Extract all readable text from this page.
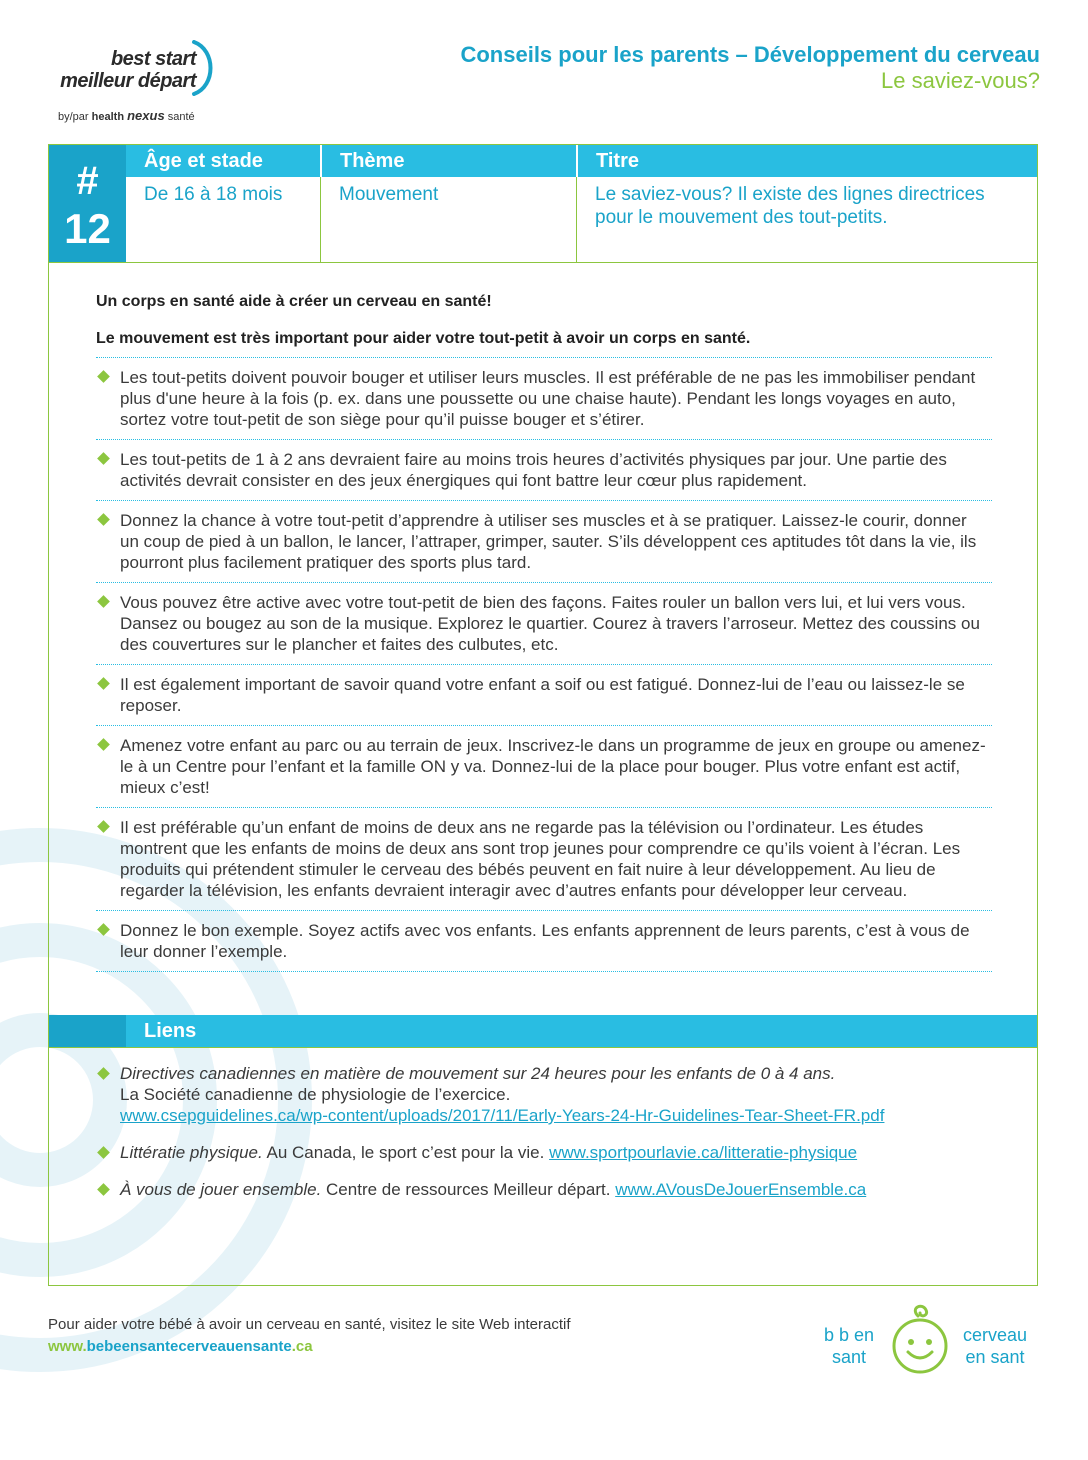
best start
meilleur départ
by/par health nexus santé
Conseils pour les parents – Développement du cerveau
Le saviez-vous?
#
12
Âge et stade	Thème	Titre
De 16 à 18 mois	Mouvement	Le saviez-vous? Il existe des lignes directrices pour le mouvement des tout-petits.
Un corps en santé aide à créer un cerveau en santé!
Le mouvement est très important pour aider votre tout-petit à avoir un corps en santé.
Les tout-petits doivent pouvoir bouger et utiliser leurs muscles. Il est préférable de ne pas les immobiliser pendant plus d'une heure à la fois (p. ex. dans une poussette ou une chaise haute). Pendant les longs voyages en auto, sortez votre tout-petit de son siège pour qu’il puisse bouger et s’étirer.
Les tout-petits de 1 à 2 ans devraient faire au moins trois heures d’activités physiques par jour. Une partie des activités devrait consister en des jeux énergiques qui font battre leur cœur plus rapidement.
Donnez la chance à votre tout-petit d’apprendre à utiliser ses muscles et à se pratiquer. Laissez-le courir, donner un coup de pied à un ballon, le lancer, l’attraper, grimper, sauter. S’ils développent ces aptitudes tôt dans la vie, ils pourront plus facilement pratiquer des sports plus tard.
Vous pouvez être active avec votre tout-petit de bien des façons. Faites rouler un ballon vers lui, et lui vers vous. Dansez ou bougez au son de la musique. Explorez le quartier. Courez à travers l’arroseur. Mettez des coussins ou des couvertures sur le plancher et faites des culbutes, etc.
Il est également important de savoir quand votre enfant a soif ou est fatigué. Donnez-lui de l’eau ou laissez-le se reposer.
Amenez votre enfant au parc ou au terrain de jeux. Inscrivez-le dans un programme de jeux en groupe ou amenez-le à un Centre pour l’enfant et la famille ON y va. Donnez-lui de la place pour bouger. Plus votre enfant est actif, mieux c’est!
Il est préférable qu’un enfant de moins de deux ans ne regarde pas la télévision ou l’ordinateur. Les études montrent que les enfants de moins de deux ans sont trop jeunes pour comprendre ce qu’ils voient à l’écran. Les produits qui prétendent stimuler le cerveau des bébés peuvent en fait nuire à leur développement. Au lieu de regarder la télévision, les enfants devraient interagir avec d’autres enfants pour développer leur cerveau.
Donnez le bon exemple. Soyez actifs avec vos enfants. Les enfants apprennent de leurs parents, c’est à vous de leur donner l’exemple.
Liens
Directives canadiennes en matière de mouvement sur 24 heures pour les enfants de 0 à 4 ans.
La Société canadienne de physiologie de l’exercice.
www.csepguidelines.ca/wp-content/uploads/2017/11/Early-Years-24-Hr-Guidelines-Tear-Sheet-FR.pdf
Littératie physique. Au Canada, le sport c’est pour la vie. www.sportpourlavie.ca/litteratie-physique
À vous de jouer ensemble. Centre de ressources Meilleur départ. www.AVousDeJouerEnsemble.ca
Pour aider votre bébé à avoir un cerveau en santé, visitez le site Web interactif
www.bebeensantecerveauensante.ca
b b en
sant
cerveau
en sant
